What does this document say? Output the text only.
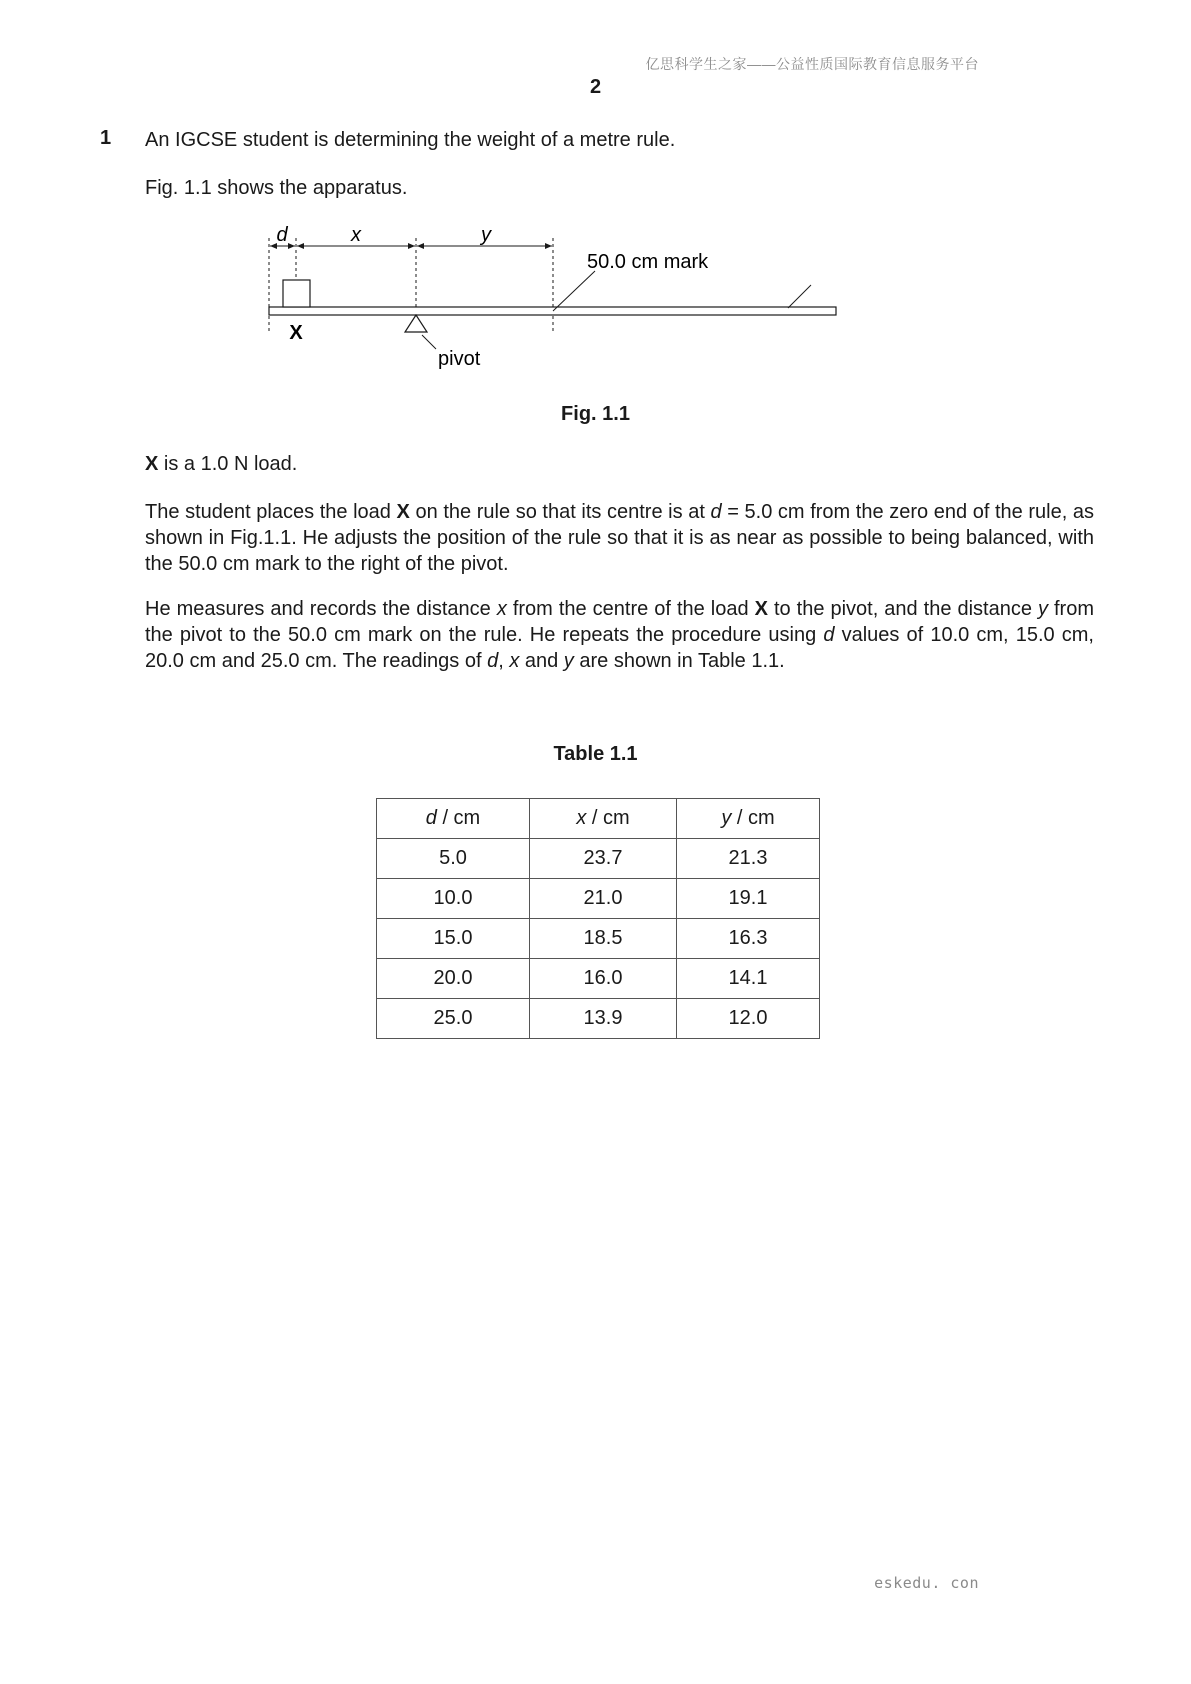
亿思科学生之家——公益性质国际教育信息服务平台
2
1 An IGCSE student is determining the weight of a metre rule.
Fig. 1.1 shows the apparatus.
d	x	y
X
pivot
50.0 cm mark
Fig. 1.1
X is a 1.0 N load.
The student places the load X on the rule so that its centre is at d = 5.0 cm from the zero end of the rule, as shown in Fig.1.1. He adjusts the position of the rule so that it is as near as possible to being balanced, with the 50.0 cm mark to the right of the pivot.
He measures and records the distance x from the centre of the load X to the pivot, and the distance y from the pivot to the 50.0 cm mark on the rule. He repeats the procedure using d values of 10.0 cm, 15.0 cm, 20.0 cm and 25.0 cm. The readings of d, x and y are shown in Table 1.1.
Table 1.1
d / cm	x / cm	y / cm
5.0	23.7	21.3
10.0	21.0	19.1
15.0	18.5	16.3
20.0	16.0	14.1
25.0	13.9	12.0
eskedu. con
